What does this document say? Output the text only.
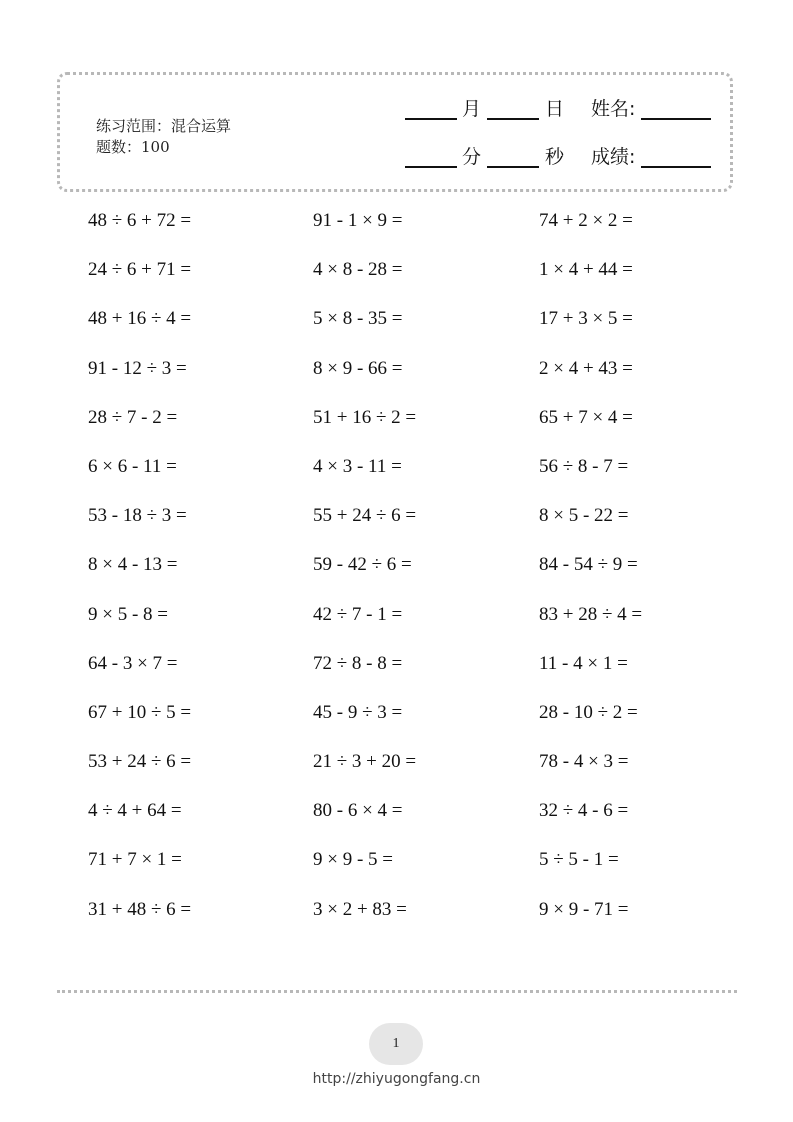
练习范围：混合运算
题数：100
月	日 姓名:
分	秒 成绩:
48 ÷ 6 + 72 =	91 - 1 × 9 =	74 + 2 × 2 =
24 ÷ 6 + 71 =	4 × 8 - 28 =	1 × 4 + 44 =
48 + 16 ÷ 4 =	5 × 8 - 35 =	17 + 3 × 5 =
91 - 12 ÷ 3 =	8 × 9 - 66 =	2 × 4 + 43 =
28 ÷ 7 - 2 =	51 + 16 ÷ 2 =	65 + 7 × 4 =
6 × 6 - 11 =	4 × 3 - 11 =	56 ÷ 8 - 7 =
53 - 18 ÷ 3 =	55 + 24 ÷ 6 =	8 × 5 - 22 =
8 × 4 - 13 =	59 - 42 ÷ 6 =	84 - 54 ÷ 9 =
9 × 5 - 8 =	42 ÷ 7 - 1 =	83 + 28 ÷ 4 =
64 - 3 × 7 =	72 ÷ 8 - 8 =	11 - 4 × 1 =
67 + 10 ÷ 5 =	45 - 9 ÷ 3 =	28 - 10 ÷ 2 =
53 + 24 ÷ 6 =	21 ÷ 3 + 20 =	78 - 4 × 3 =
4 ÷ 4 + 64 =	80 - 6 × 4 =	32 ÷ 4 - 6 =
71 + 7 × 1 =	9 × 9 - 5 =	5 ÷ 5 - 1 =
31 + 48 ÷ 6 =	3 × 2 + 83 =	9 × 9 - 71 =
1
http://zhiyugongfang.cn
